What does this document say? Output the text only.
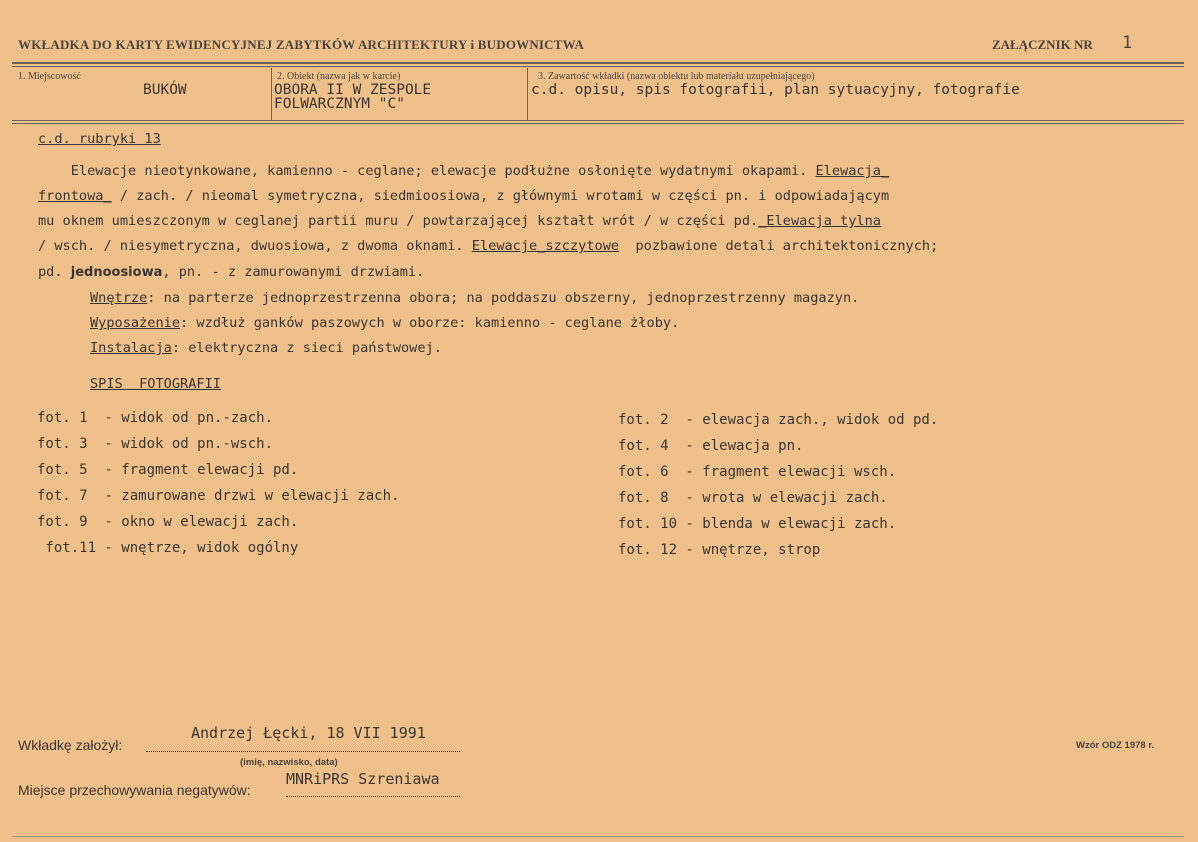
WKŁADKA DO KARTY EWIDENCYJNEJ ZABYTKÓW ARCHITEKTURY i BUDOWNICTWA	ZAŁĄCZNIK NR 1
1. Miejscowość
BUKÓW
2. Obiekt (nazwa jak w karcie)
OBORA II W ZESPOLE
FOLWARCZNYM "C"
3. Zawartość wkładki (nazwa obiektu lub materiału uzupełniającego)
c.d. opisu, spis fotografii, plan sytuacyjny, fotografie
c.d. rubryki 13
Elewacje nieotynkowane, kamienno - ceglane; elewacje podłużne osłonięte wydatnymi okapami. Elewacja_
frontowa_ / zach. / nieomal symetryczna, siedmioosiowa, z głównymi wrotami w części pn. i odpowiadającym
mu oknem umieszczonym w ceglanej partii muru / powtarzającej kształt wrót / w części pd._Elewacja tylna
/ wsch. / niesymetryczna, dwuosiowa, z dwoma oknami. Elewacje_szczytowe  pozbawione detali architektonicznych;
pd. jednoosiowa, pn. - z zamurowanymi drzwiami.
Wnętrze: na parterze jednoprzestrzenna obora; na poddaszu obszerny, jednoprzestrzenny magazyn.
Wyposażenie: wzdłuż ganków paszowych w oborze: kamienno - ceglane żłoby.
Instalacja: elektryczna z sieci państwowej.
SPIS  FOTOGRAFII
fot. 1  - widok od pn.-zach.
fot. 3  - widok od pn.-wsch.
fot. 5  - fragment elewacji pd.
fot. 7  - zamurowane drzwi w elewacji zach.
fot. 9  - okno w elewacji zach.
fot.11 - wnętrze, widok ogólny
fot. 2  - elewacja zach., widok od pd.
fot. 4  - elewacja pn.
fot. 6  - fragment elewacji wsch.
fot. 8  - wrota w elewacji zach.
fot. 10 - blenda w elewacji zach.
fot. 12 - wnętrze, strop
Wkładkę założył:
Andrzej Łęcki, 18 VII 1991
(imię, nazwisko, data)
Miejsce przechowywania negatywów:
MNRiPRS Szreniawa
Wzór ODZ 1978 r.
